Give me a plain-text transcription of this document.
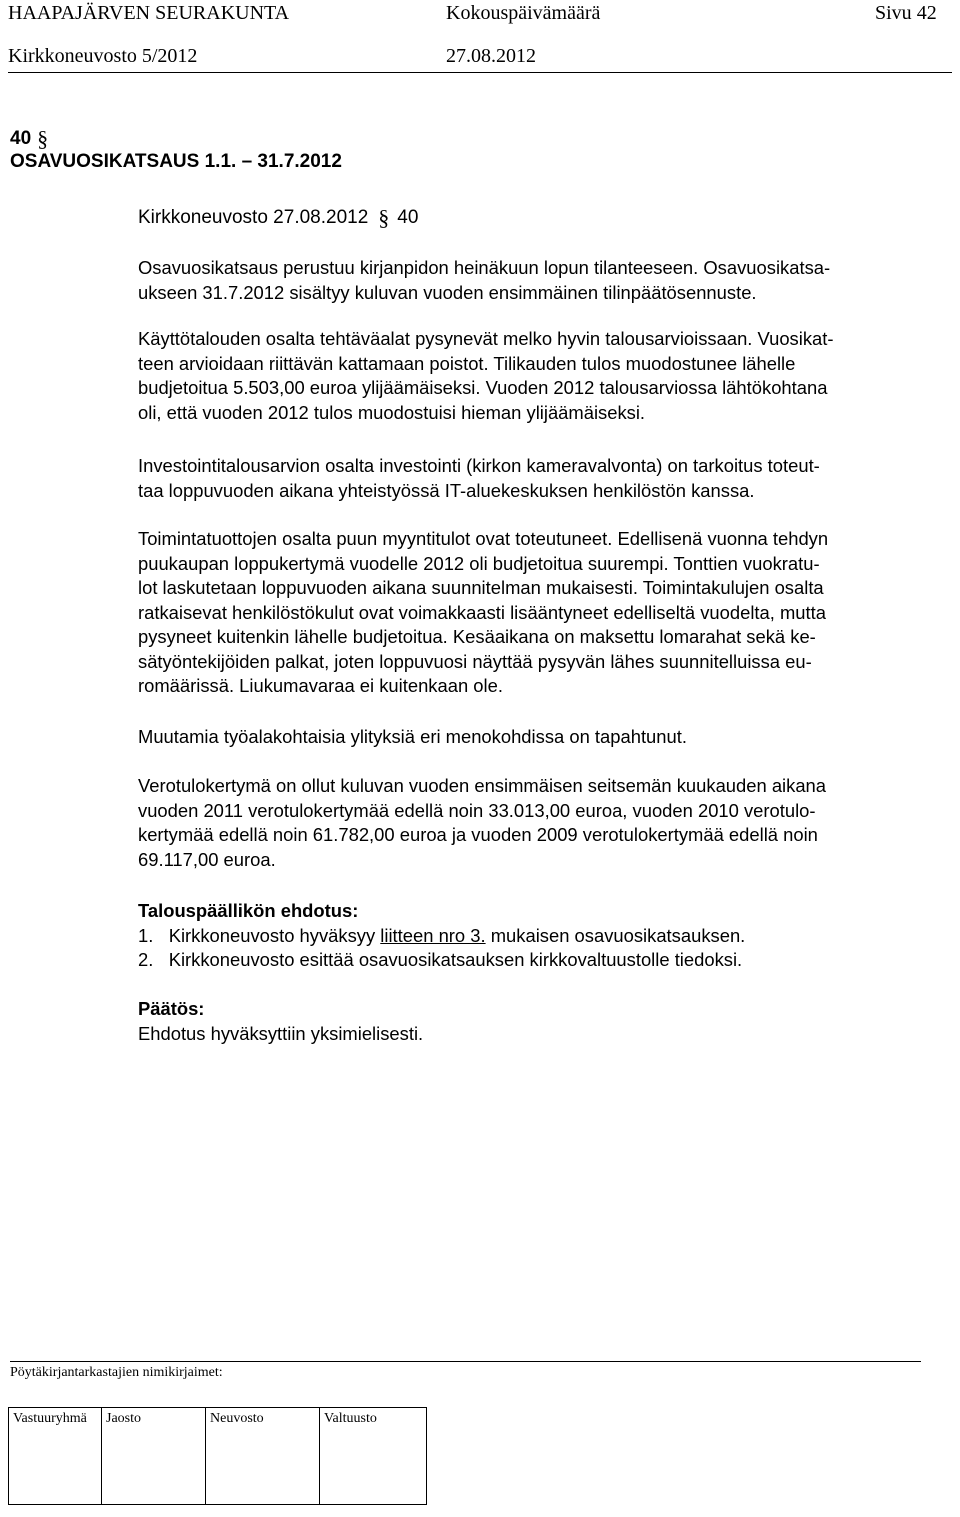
HAAPAJÄRVEN SEURAKUNTA	Kokouspäivämäärä	Sivu 42
Kirkkoneuvosto 5/2012	27.08.2012
40 §
OSAVUOSIKATSAUS 1.1. – 31.7.2012
Kirkkoneuvosto 27.08.2012 § 40
Osavuosikatsaus perustuu kirjanpidon heinäkuun lopun tilanteeseen. Osavuosikatsa-
ukseen 31.7.2012 sisältyy kuluvan vuoden ensimmäinen tilinpäätösennuste.
Käyttötalouden osalta tehtäväalat pysynevät melko hyvin talousarvioissaan. Vuosikat-
teen arvioidaan riittävän kattamaan poistot. Tilikauden tulos muodostunee lähelle
budjetoitua 5.503,00 euroa ylijäämäiseksi. Vuoden 2012 talousarviossa lähtökohtana
oli, että vuoden 2012 tulos muodostuisi hieman ylijäämäiseksi.
Investointitalousarvion osalta investointi (kirkon kameravalvonta) on tarkoitus toteut-
taa loppuvuoden aikana yhteistyössä IT-aluekeskuksen henkilöstön kanssa.
Toimintatuottojen osalta puun myyntitulot ovat toteutuneet. Edellisenä vuonna tehdyn
puukaupan loppukertymä vuodelle 2012 oli budjetoitua suurempi. Tonttien vuokratu-
lot laskutetaan loppuvuoden aikana suunnitelman mukaisesti. Toimintakulujen osalta
ratkaisevat henkilöstökulut ovat voimakkaasti lisääntyneet edelliseltä vuodelta, mutta
pysyneet kuitenkin lähelle budjetoitua. Kesäaikana on maksettu lomarahat sekä ke-
sätyöntekijöiden palkat, joten loppuvuosi näyttää pysyvän lähes suunnitelluissa eu-
romäärissä. Liukumavaraa ei kuitenkaan ole.
Muutamia työalakohtaisia ylityksiä eri menokohdissa on tapahtunut.
Verotulokertymä on ollut kuluvan vuoden ensimmäisen seitsemän kuukauden aikana
vuoden 2011 verotulokertymää edellä noin 33.013,00 euroa, vuoden 2010 verotulo-
kertymää edellä noin 61.782,00 euroa ja vuoden 2009 verotulokertymää edellä noin
69.117,00 euroa.
Talouspäällikön ehdotus:
1. Kirkkoneuvosto hyväksyy liitteen nro 3. mukaisen osavuosikatsauksen.
2. Kirkkoneuvosto esittää osavuosikatsauksen kirkkovaltuustolle tiedoksi.
Päätös:
Ehdotus hyväksyttiin yksimielisesti.
Pöytäkirjantarkastajien nimikirjaimet:
Vastuuryhmä	Jaosto	Neuvosto	Valtuusto
